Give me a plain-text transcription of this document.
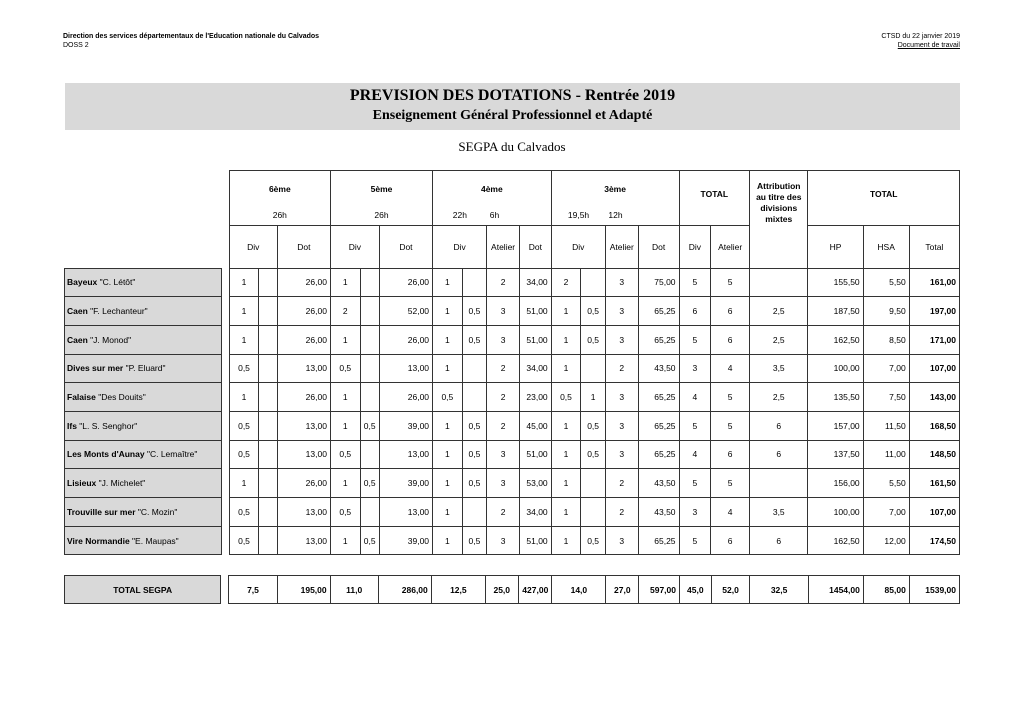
Direction des services départementaux de l'Education nationale du Calvados
DOSS 2
CTSD du 22 janvier 2019
Document de travail
PREVISION DES DOTATIONS - Rentrée 2019
Enseignement Général Professionnel et Adapté
SEGPA du Calvados
		6ème			5ème			4ème				3ème				TOTAL		Attribution au titre des divisions mixtes	TOTAL		
		26h			26h			22h		6h		19,5h		12h							
		Div		Dot	Div		Dot	Div		Atelier	Dot	Div		Atelier	Dot	Div	Atelier		HP	HSA	Total
Bayeux "C. Létôt"		1		26,00	1		26,00	1		2	34,00	2		3	75,00	5	5		155,50	5,50	161,00
Caen "F. Lechanteur"		1		26,00	2		52,00	1	0,5	3	51,00	1	0,5	3	65,25	6	6	2,5	187,50	9,50	197,00
Caen "J. Monod"		1		26,00	1		26,00	1	0,5	3	51,00	1	0,5	3	65,25	5	6	2,5	162,50	8,50	171,00
Dives sur mer "P. Eluard"		0,5		13,00	0,5		13,00	1		2	34,00	1		2	43,50	3	4	3,5	100,00	7,00	107,00
Falaise "Des Douits"		1		26,00	1		26,00	0,5		2	23,00	0,5	1	3	65,25	4	5	2,5	135,50	7,50	143,00
Ifs "L. S. Senghor"		0,5		13,00	1	0,5	39,00	1	0,5	2	45,00	1	0,5	3	65,25	5	5	6	157,00	11,50	168,50
Les Monts d'Aunay "C. Lemaître"		0,5		13,00	0,5		13,00	1	0,5	3	51,00	1	0,5	3	65,25	4	6	6	137,50	11,00	148,50
Lisieux "J. Michelet"		1		26,00	1	0,5	39,00	1	0,5	3	53,00	1		2	43,50	5	5		156,00	5,50	161,50
Trouville sur mer "C. Mozin"		0,5		13,00	0,5		13,00	1		2	34,00	1		2	43,50	3	4	3,5	100,00	7,00	107,00
Vire Normandie "E. Maupas"		0,5		13,00	1	0,5	39,00	1	0,5	3	51,00	1	0,5	3	65,25	5	6	6	162,50	12,00	174,50
TOTAL SEGPA		7,5	195,00	11,0	286,00	12,5	25,0	427,00	14,0	27,0	597,00	45,0	52,0	32,5	1454,00	85,00	1539,00
